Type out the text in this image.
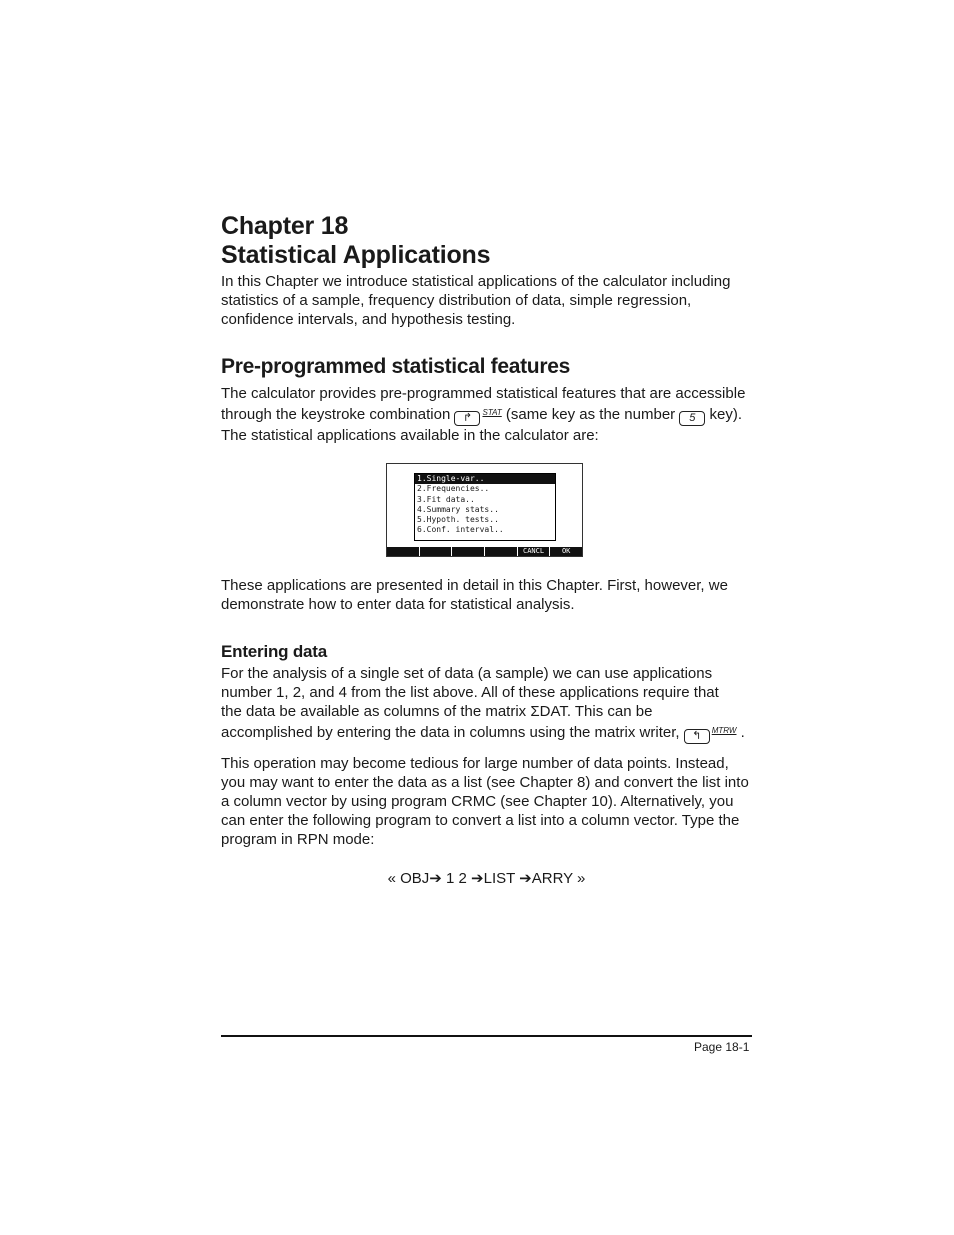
Chapter 18
Statistical Applications
In this Chapter we introduce statistical applications of the calculator including
statistics of a sample, frequency distribution of data, simple regression,
confidence intervals, and hypothesis testing.
Pre-programmed statistical features
The calculator provides pre-programmed statistical features that are accessible
through the keystroke combination ↱ $^{STAT}$ (same key as the number 5 key).
The statistical applications available in the calculator are:
1.Single-var..
2.Frequencies..
3.Fit data..
4.Summary stats..
5.Hypoth. tests..
6.Conf. interval..
CANCL	OK
These applications are presented in detail in this Chapter. First, however, we
demonstrate how to enter data for statistical analysis.
Entering data
For the analysis of a single set of data (a sample) we can use applications
number 1, 2, and 4 from the list above. All of these applications require that
the data be available as columns of the matrix ΣDAT. This can be
accomplished by entering the data in columns using the matrix writer, ↰ $^{MTRW}$ .
This operation may become tedious for large number of data points. Instead,
you may want to enter the data as a list (see Chapter 8) and convert the list into
a column vector by using program CRMC (see Chapter 10). Alternatively, you
can enter the following program to convert a list into a column vector. Type the
program in RPN mode:
« OBJ➔ 1 2 ➔LIST ➔ARRY »
Page 18-1
